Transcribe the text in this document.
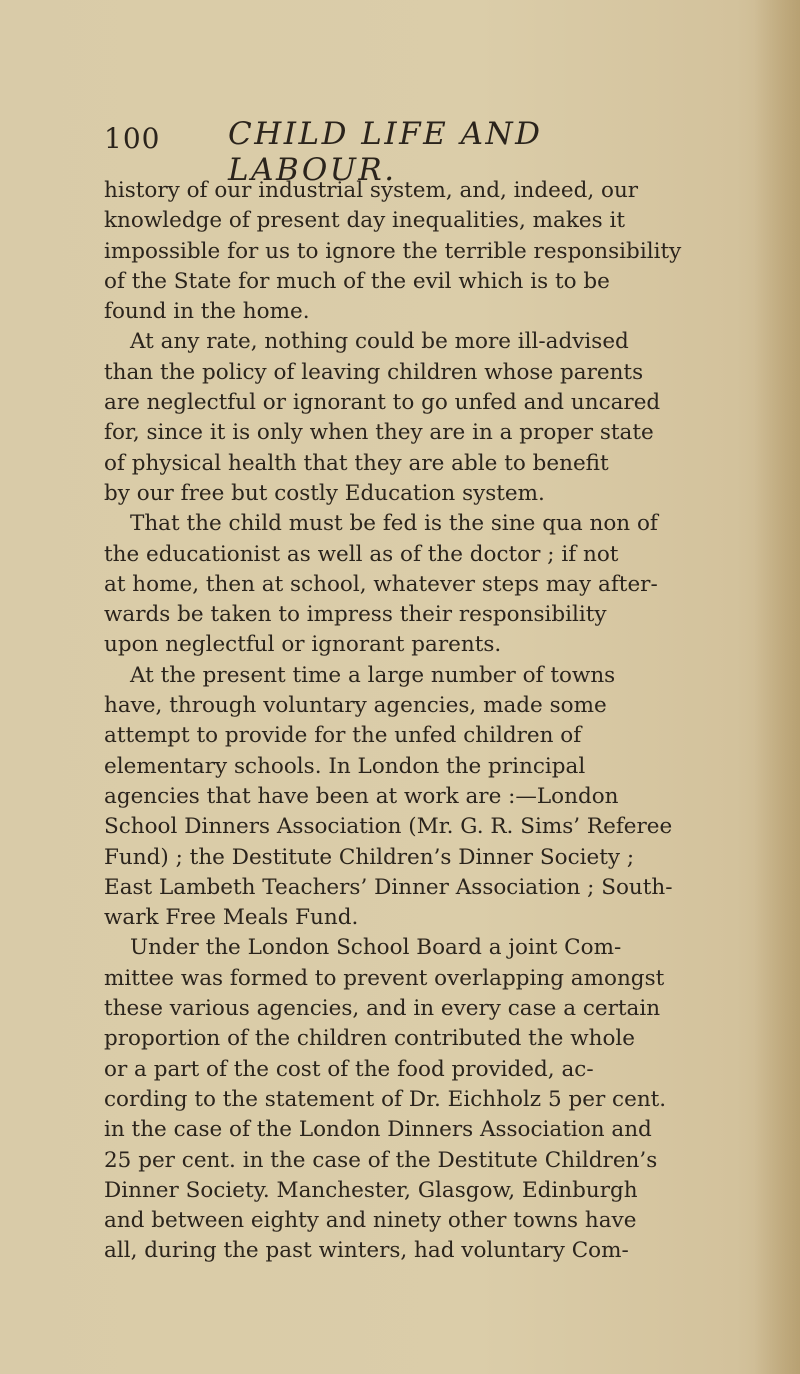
100 CHILD LIFE AND LABOUR.
history of our industrial system, and, indeed, our
knowledge of present day inequalities, makes it
impossible for us to ignore the terrible responsibility
of the State for much of the evil which is to be
found in the home.
At any rate, nothing could be more ill-advised
than the policy of leaving children whose parents
are neglectful or ignorant to go unfed and uncared
for, since it is only when they are in a proper state
of physical health that they are able to benefit
by our free but costly Education system.
That the child must be fed is the sine qua non of
the educationist as well as of the doctor ; if not
at home, then at school, whatever steps may after-
wards be taken to impress their responsibility
upon neglectful or ignorant parents.
At the present time a large number of towns
have, through voluntary agencies, made some
attempt to provide for the unfed children of
elementary schools. In London the principal
agencies that have been at work are :—London
School Dinners Association (Mr. G. R. Sims’ Referee
Fund) ; the Destitute Children’s Dinner Society ;
East Lambeth Teachers’ Dinner Association ; South-
wark Free Meals Fund.
Under the London School Board a joint Com-
mittee was formed to prevent overlapping amongst
these various agencies, and in every case a certain
proportion of the children contributed the whole
or a part of the cost of the food provided, ac-
cording to the statement of Dr. Eichholz 5 per cent.
in the case of the London Dinners Association and
25 per cent. in the case of the Destitute Children’s
Dinner Society. Manchester, Glasgow, Edinburgh
and between eighty and ninety other towns have
all, during the past winters, had voluntary Com-
